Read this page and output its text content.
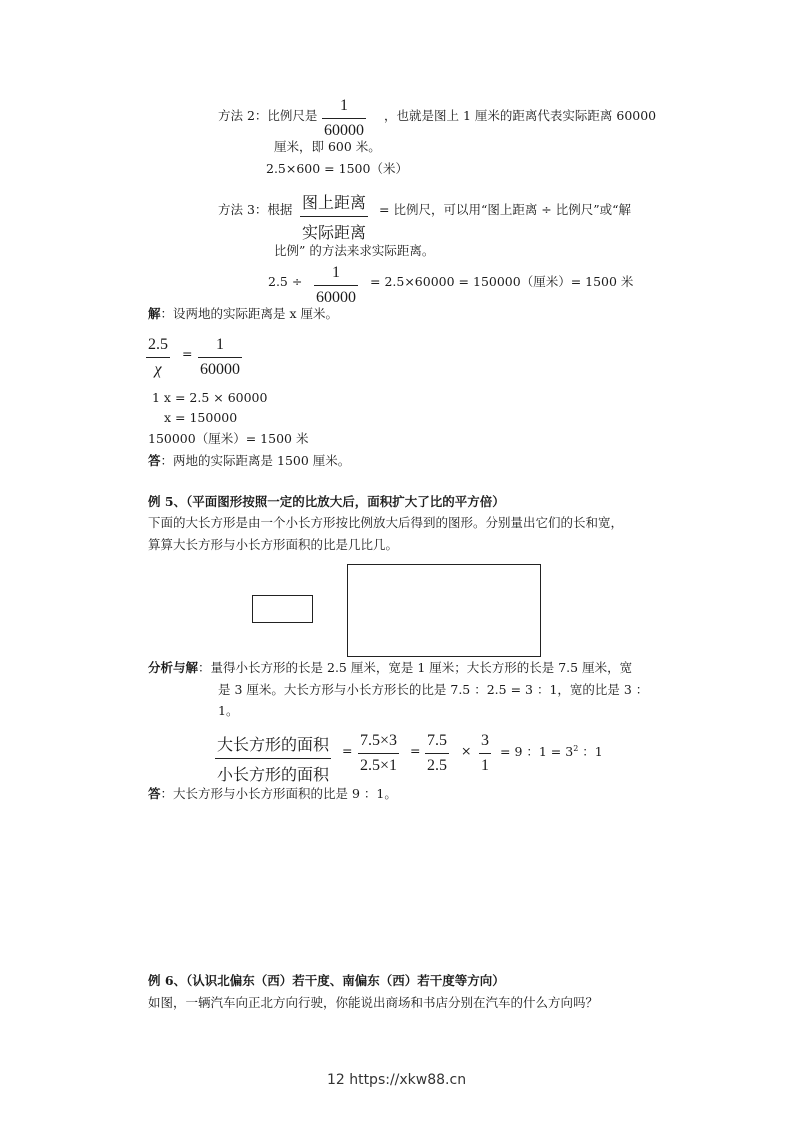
方法 2：比例尺是 $\frac{1}{60000}$ ，也就是图上 1 厘米的距离代表实际距离 60000
厘米，即 600 米。
2.5×600 = 1500（米）
方法 3：根据 图上距离
实际距离
= 比例尺，可以用“图上距离 ÷ 比例尺”或“解
比例” 的方法来求实际距离。
$2.5 \div \frac{1}{60000} = 2.5\times 60000 = 150000$（厘米）= 1500 米
解：设两地的实际距离是 x 厘米。
$\frac{2.5}{\chi} = \frac{1}{60000}$
1 x = 2.5 × 60000
x = 150000
150000（厘米）= 1500 米
答：两地的实际距离是 1500 厘米。
例 5、（平面图形按照一定的比放大后，面积扩大了比的平方倍）
下面的大长方形是由一个小长方形按比例放大后得到的图形。分别量出它们的长和宽，
算算大长方形与小长方形面积的比是几比几。
分析与解：量得小长方形的长是 2.5 厘米，宽是 1 厘米；大长方形的长是 7.5 厘米，宽
是 3 厘米。大长方形与小长方形长的比是 7.5 ：2.5 = 3 ：1，宽的比是 3 ：
1。
大长方形的面积
小长方形的面积
= $\frac{7.5\times 3}{2.5\times 1} = \frac{7.5}{2.5} \times \frac{3}{1} = 9$ ：$1 = 3^2$ ：1
答：大长方形与小长方形面积的比是 9 ：1。
例 6、（认识北偏东（西）若干度、南偏东（西）若干度等方向）
如图，一辆汽车向正北方向行驶，你能说出商场和书店分别在汽车的什么方向吗？
12 https://xkw88.cn
